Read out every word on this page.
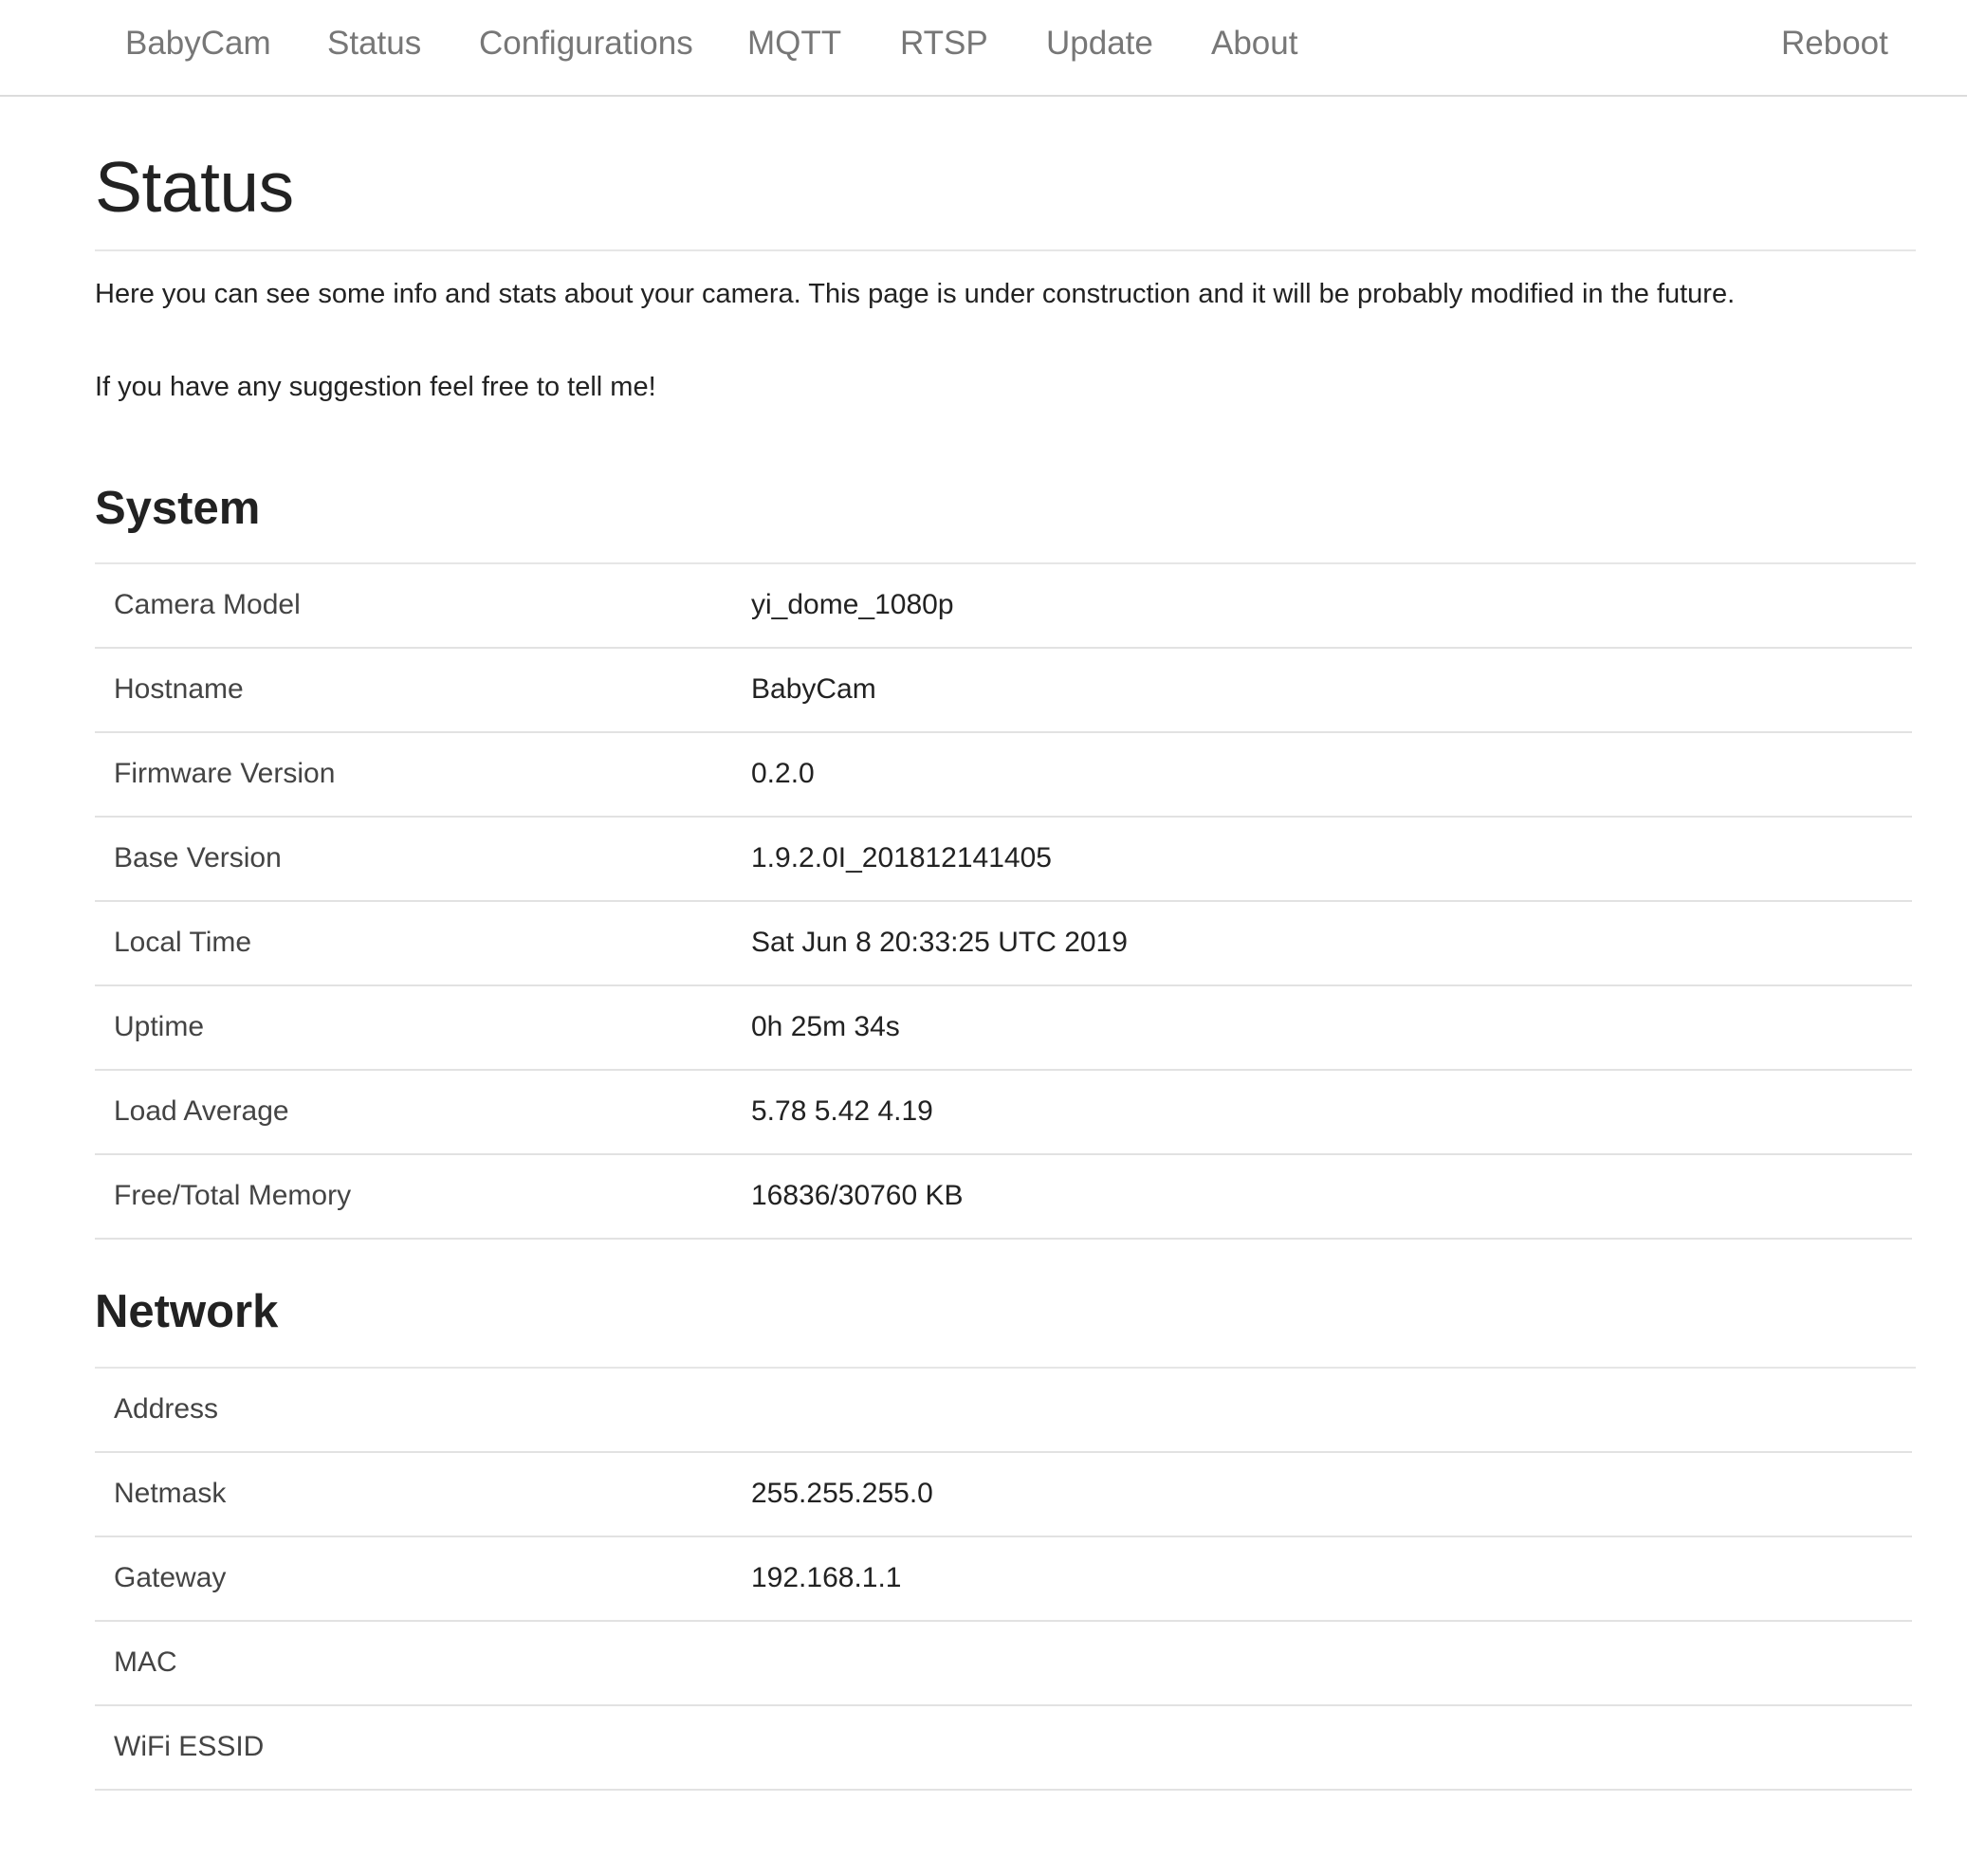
BabyCam Status Configurations MQTT RTSP Update About	Reboot
Status
Here you can see some info and stats about your camera. This page is under construction and it will be probably modified in the future.
If you have any suggestion feel free to tell me!
System
Camera Model	yi_dome_1080p
Hostname	BabyCam
Firmware Version	0.2.0
Base Version	1.9.2.0I_201812141405
Local Time	Sat Jun 8 20:33:25 UTC 2019
Uptime	0h 25m 34s
Load Average	5.78 5.42 4.19
Free/Total Memory	16836/30760 KB
Network
Address
Netmask	255.255.255.0
Gateway	192.168.1.1
MAC
WiFi ESSID
